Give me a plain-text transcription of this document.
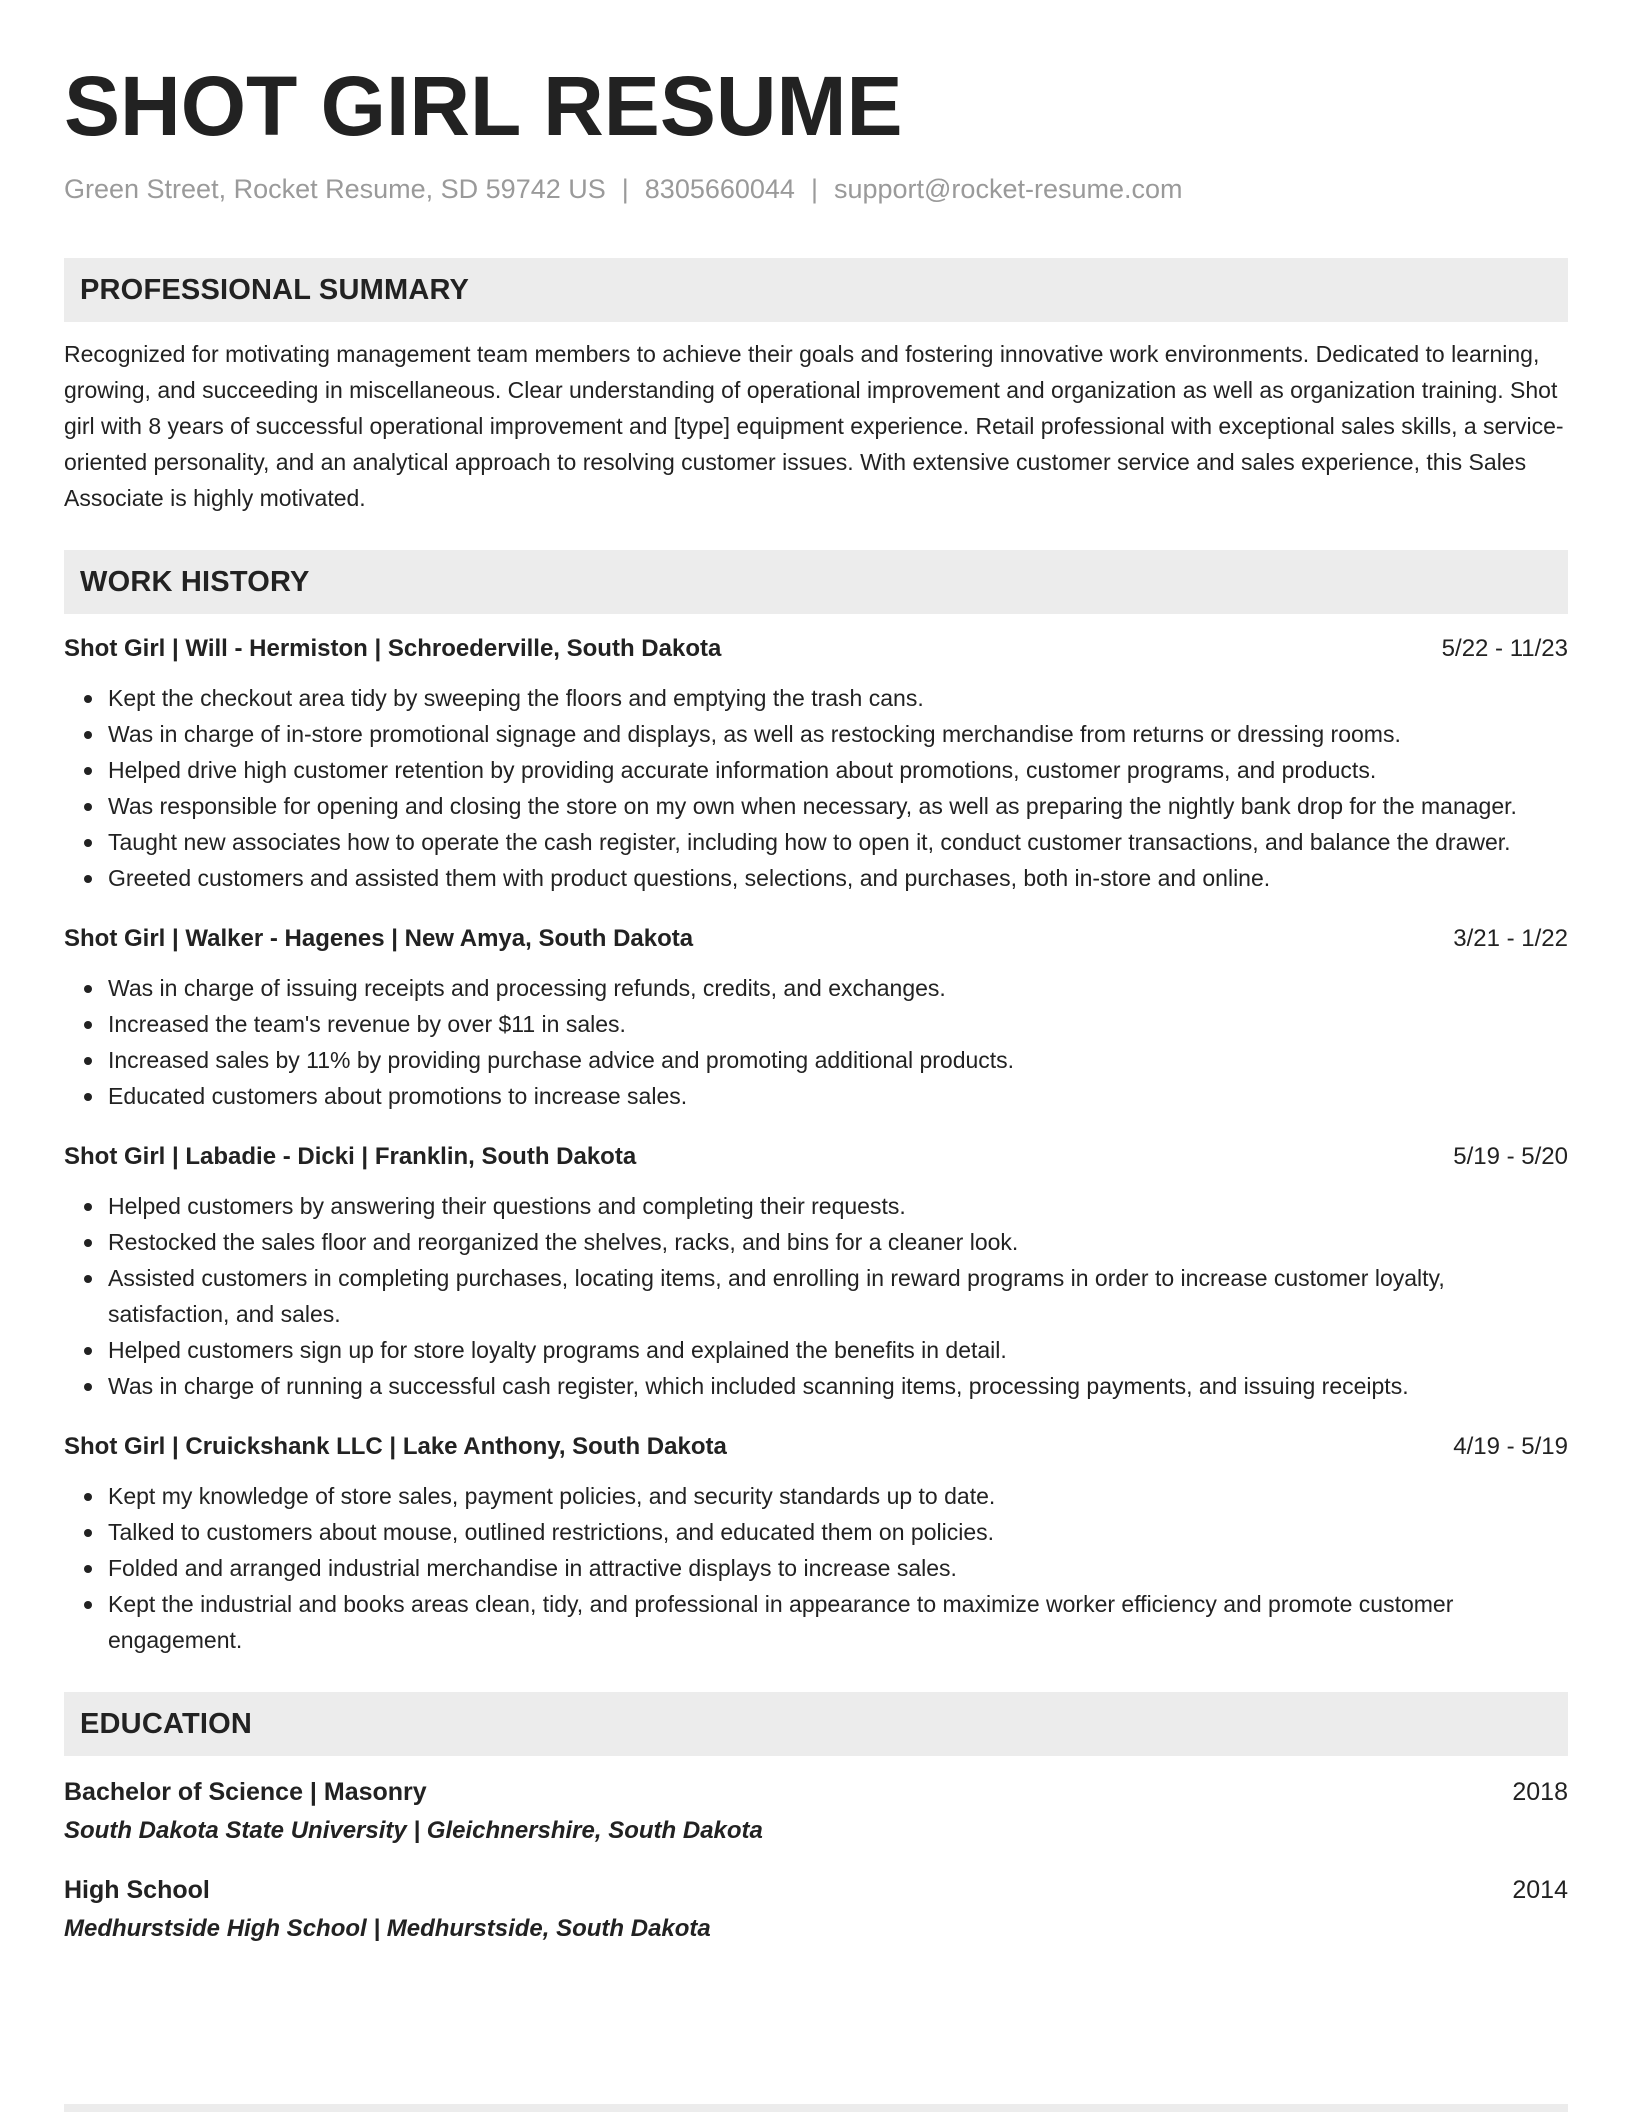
SHOT GIRL RESUME
Green Street, Rocket Resume, SD 59742 US | 8305660044 | support@rocket-resume.com
PROFESSIONAL SUMMARY
Recognized for motivating management team members to achieve their goals and fostering innovative work environments. Dedicated to learning, growing, and succeeding in miscellaneous. Clear understanding of operational improvement and organization as well as organization training. Shot girl with 8 years of successful operational improvement and [type] equipment experience. Retail professional with exceptional sales skills, a service-oriented personality, and an analytical approach to resolving customer issues. With extensive customer service and sales experience, this Sales Associate is highly motivated.
WORK HISTORY
Shot Girl | Will - Hermiston | Schroederville, South Dakota	5/22 - 11/23
Kept the checkout area tidy by sweeping the floors and emptying the trash cans.
Was in charge of in-store promotional signage and displays, as well as restocking merchandise from returns or dressing rooms.
Helped drive high customer retention by providing accurate information about promotions, customer programs, and products.
Was responsible for opening and closing the store on my own when necessary, as well as preparing the nightly bank drop for the manager.
Taught new associates how to operate the cash register, including how to open it, conduct customer transactions, and balance the drawer.
Greeted customers and assisted them with product questions, selections, and purchases, both in-store and online.
Shot Girl | Walker - Hagenes | New Amya, South Dakota	3/21 - 1/22
Was in charge of issuing receipts and processing refunds, credits, and exchanges.
Increased the team's revenue by over $11 in sales.
Increased sales by 11% by providing purchase advice and promoting additional products.
Educated customers about promotions to increase sales.
Shot Girl | Labadie - Dicki | Franklin, South Dakota	5/19 - 5/20
Helped customers by answering their questions and completing their requests.
Restocked the sales floor and reorganized the shelves, racks, and bins for a cleaner look.
Assisted customers in completing purchases, locating items, and enrolling in reward programs in order to increase customer loyalty, satisfaction, and sales.
Helped customers sign up for store loyalty programs and explained the benefits in detail.
Was in charge of running a successful cash register, which included scanning items, processing payments, and issuing receipts.
Shot Girl | Cruickshank LLC | Lake Anthony, South Dakota	4/19 - 5/19
Kept my knowledge of store sales, payment policies, and security standards up to date.
Talked to customers about mouse, outlined restrictions, and educated them on policies.
Folded and arranged industrial merchandise in attractive displays to increase sales.
Kept the industrial and books areas clean, tidy, and professional in appearance to maximize worker efficiency and promote customer engagement.
EDUCATION
Bachelor of Science | Masonry	2018
South Dakota State University | Gleichnershire, South Dakota
High School	2014
Medhurstside High School | Medhurstside, South Dakota
